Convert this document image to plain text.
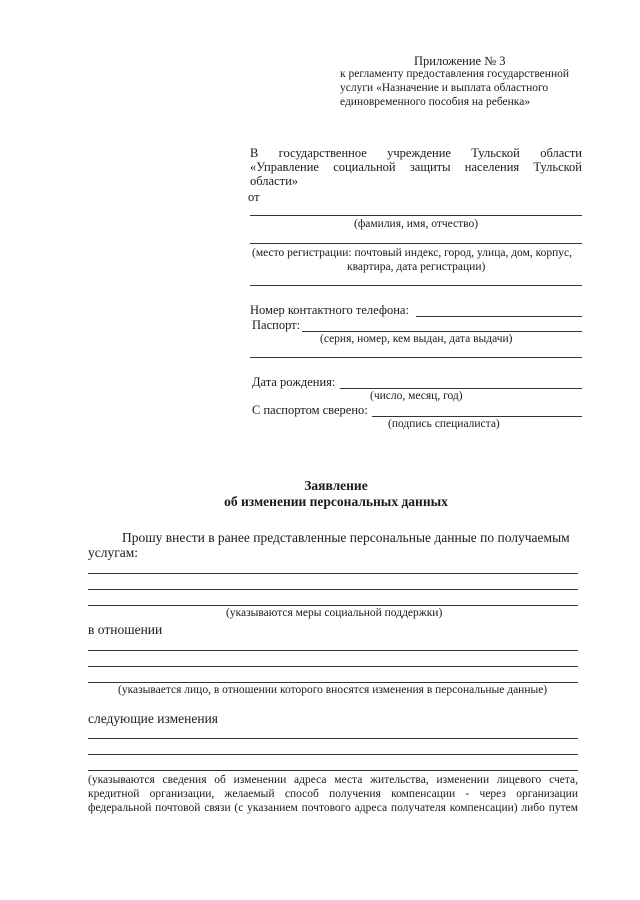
Приложение № 3
к регламенту предоставления государственной
услуги «Назначение и выплата областного
единовременного пособия на ребенка»
В государственное учреждение Тульской области
«Управление социальной защиты населения Тульской
области»
от
(фамилия, имя, отчество)
(место регистрации: почтовый индекс, город, улица, дом, корпус,
квартира, дата регистрации)
Номер контактного телефона:
Паспорт:
(серия, номер, кем выдан, дата выдачи)
Дата рождения:
(число, месяц, год)
С паспортом сверено:
(подпись специалиста)
Заявление
об изменении персональных данных
Прошу внести в ранее представленные персональные данные по получаемым
услугам:
(указываются меры социальной поддержки)
в отношении
(указывается лицо, в отношении которого вносятся изменения в персональные данные)
следующие изменения
(указываются сведения об изменении адреса места жительства, изменении лицевого счета,
кредитной организации, желаемый способ получения компенсации - через организации
федеральной почтовой связи (с указанием почтового адреса получателя компенсации) либо путем
